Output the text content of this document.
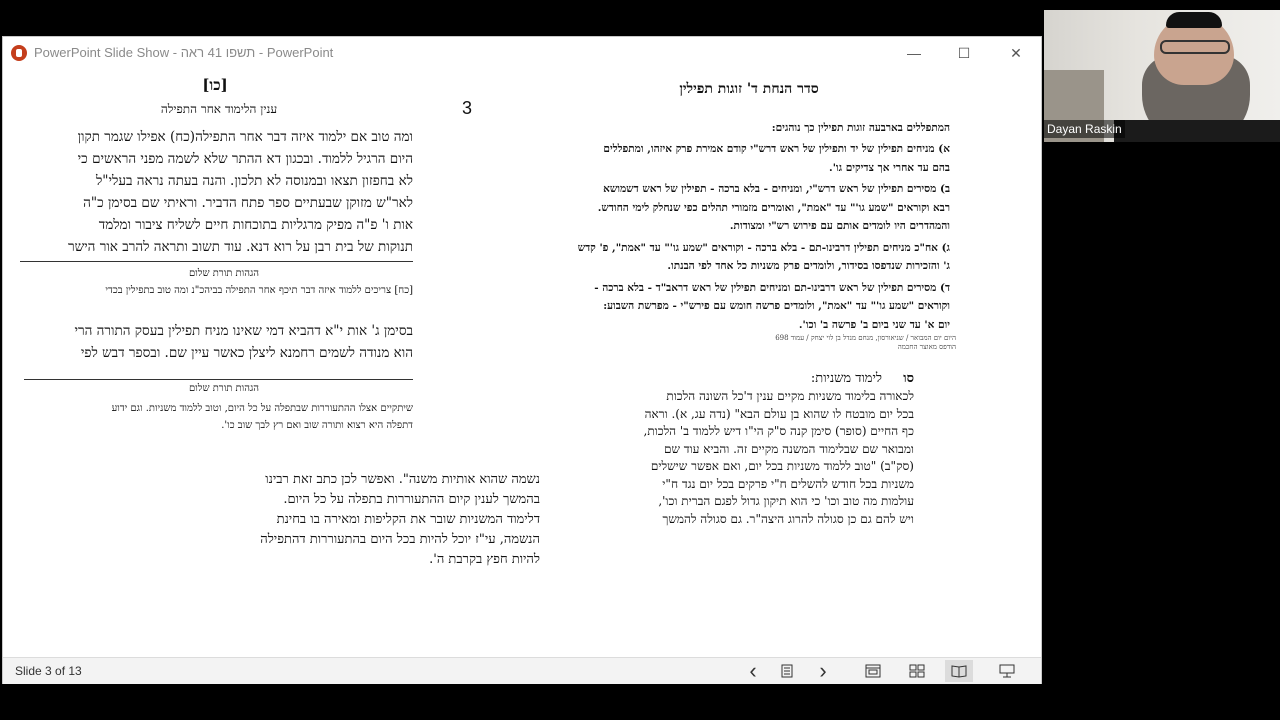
PowerPoint Slide Show - תשפו 41 ראה - PowerPoint	—	☐	✕
[כו]
ענין הלימוד אחר התפילה
ומה טוב אם ילמוד איזה דבר אחר התפילה(כח) אפילו שגמר תקון
היום הרגיל ללמוד. ובכגון דא ההתר שלא לשמה מפני הראשים כי
לא בחפזון תצאו ובמנוסה לא תלכון. והנה בעתה נראה בעלי"ל
לאר"ש מזוקן שבעתיים ספר פתח הדביר. וראיתי שם בסימן כ"ה
אות ו' פ"ה מפיק מרגליות בתוכחות חיים לשליח ציבור ומלמד
תנוקות של בית רבן על רוא דנא. עוד תשוב ותראה להרב אור הישר
הגהות תורת שלום
[כח] צריכים ללמוד איזה דבר תיכף אחר התפילה בביהכ"נ ומה טוב בתפילין בכדי
בסימן ג' אות י"א דהביא דמי שאינו מניח תפילין בעסק התורה הרי
הוא מנודה לשמים רחמנא ליצלן כאשר עיין שם. ובספר דבש לפי
הגהות תורת שלום
שיתקיים אצלו ההתעוררות שבתפלה על כל היום, וטוב ללמוד משניות. וגם ידוע
דתפלה היא רצוא ותורה שוב ואם רץ לבך שוב כו'.
נשמה שהוא אותיות משנה". ואפשר לכן כתב זאת רבינו
בהמשך לענין קיום ההתעוררות בתפלה על כל היום.
דלימוד המשניות שובר את הקליפות ומאירה בו בחינת
הנשמה, עי"ז יוכל להיות בכל היום בהתעוררות דהתפילה
להיות חפץ בקרבת ה'.
3
סדר הנחת ד' זוגות תפילין
המתפללים בארבעה זוגות תפילין כך נוהגים:
א) מניחים תפילין של יד ותפילין של ראש דרש"י קודם אמירת פרק איזהו, ומתפללים
בהם עד אחרי אך צדיקים גו'.
ב) מסירים תפילין של ראש דרש"י, ומניחים - בלא ברכה - תפילין של ראש דשמושא
רבא וקוראים "שמע גו'" עד "אמת", ואומרים מזמורי תהלים כפי שנחלק לימי החודש.
והמהדרים היו לומדים אותם עם פירוש רש"י ומצודות.
ג) אח"כ מניחים תפילין דרבינו-תם - בלא ברכה - וקוראים "שמע גו'" עד "אמת", פ' קדש
ג' והזכירות שנדפסו בסידור, ולומדים פרק משניות כל אחד לפי הבנתו.
ד) מסירים תפילין של ראש דרבינו-תם ומניחים תפילין של ראש דראב"ד - בלא ברכה -
וקוראים "שמע גו'" עד "אמת", ולומדים פרשה חומש עם פירש"י - מפרשת השבוע:
יום א' עד שני ביום ב' פרשה ב' וכו'.
היום יום המבואר / שניאורסון, מנחם מנדל בן לוי יצחק / עמוד 698
הודפס מאוצר החכמה
סו
לימוד משניות:
לכאורה בלימוד משניות מקיים ענין ד'כל השונה הלכות
בכל יום מובטח לו שהוא בן עולם הבא" (נדה עג, א). וראה
כף החיים (סופר) סימן קנה ס"ק הי"ו דיש ללמוד ב' הלכות,
ומבואר שם שבלימוד המשנה מקיים זה. והביא עוד שם
(סק"ב) "טוב ללמוד משניות בכל יום, ואם אפשר שישלים
משניות בכל חודש להשלים ח"י פרקים בכל יום נגד ח"י
עולמות מה טוב וכו' כי הוא תיקון גדול לפגם הברית וכו',
ויש להם גם כן סגולה להרוג היצה"ר. גם סגולה להמשך
Slide 3 of 13	‹	›
Dayan Raskin
